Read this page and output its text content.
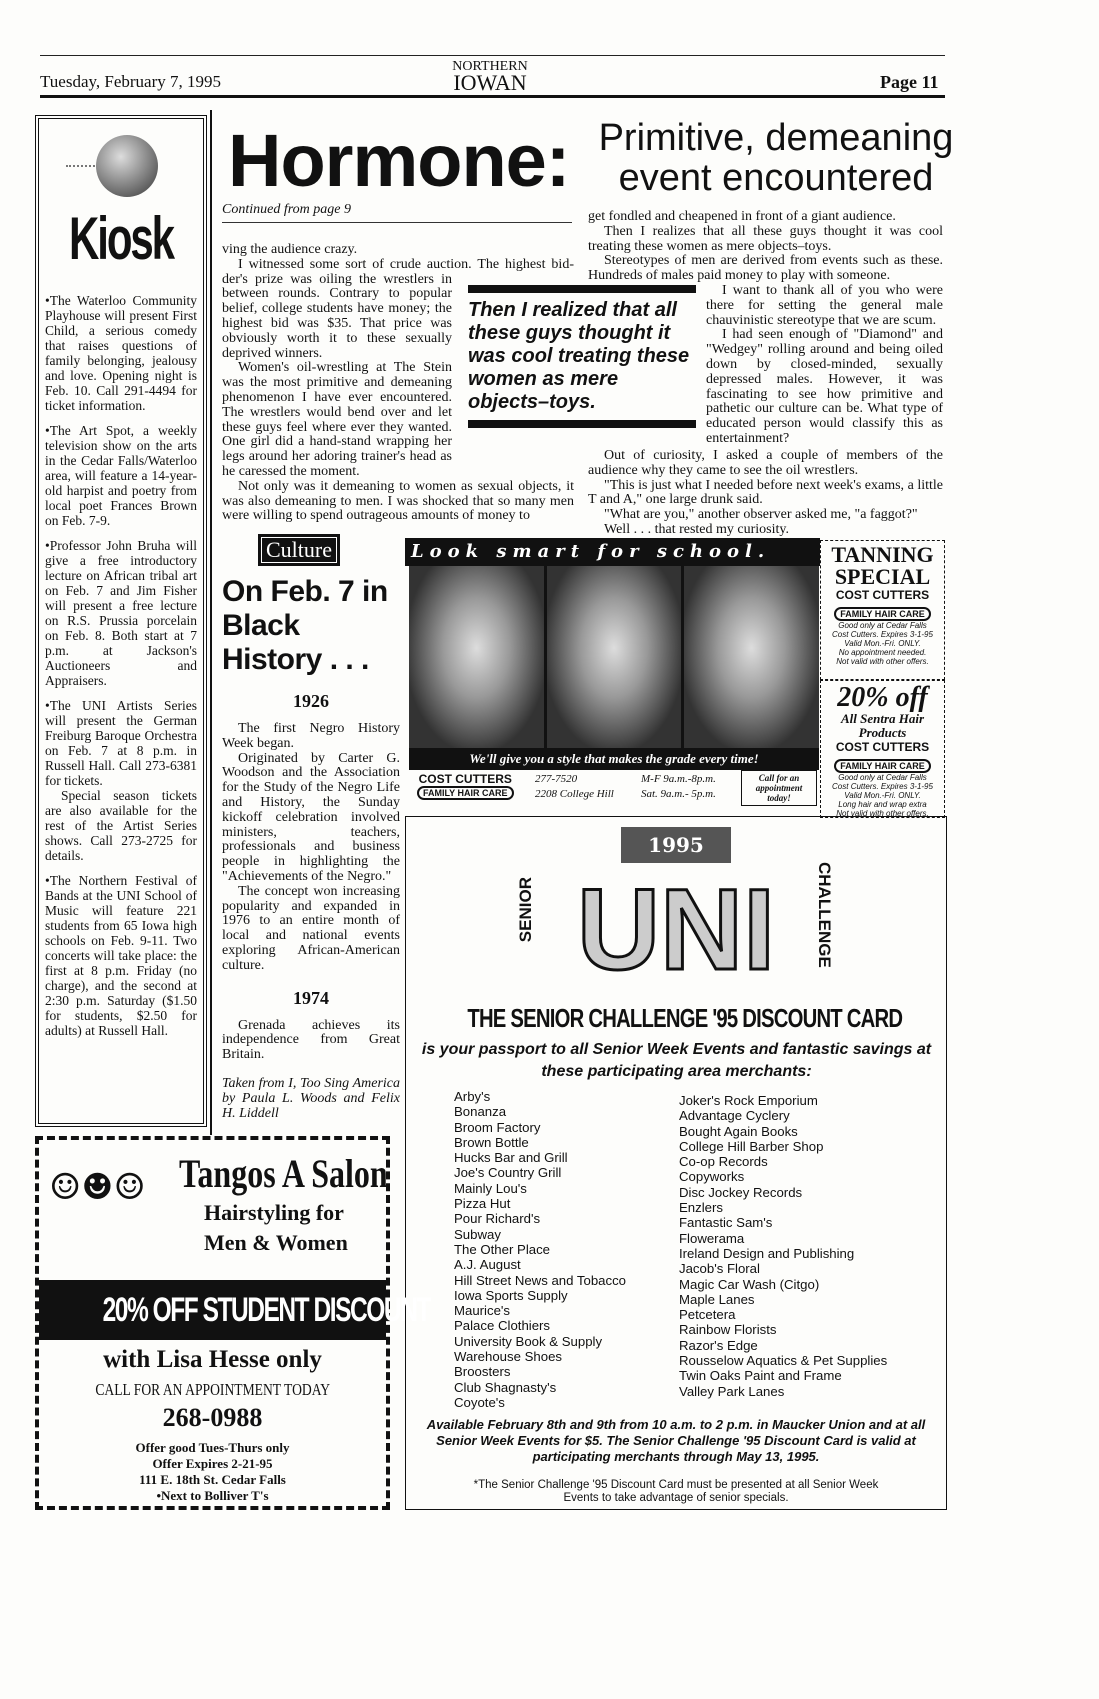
Tuesday, February 7, 1995
NORTHERN
IOWAN	Page 11
Kiosk

•The Waterloo Community Playhouse will present First Child, a serious comedy that raises questions of family belonging, jealousy and love. Opening night is Feb. 10. Call 291-4494 for ticket information.

•The Art Spot, a weekly television show on the arts in the Cedar Falls/Waterloo area, will feature a 14-year-old harpist and poetry from local poet Frances Brown on Feb. 7-9.

•Professor John Bruha will give a free introductory lecture on African tribal art on Feb. 7 and Jim Fisher will present a free lecture on R.S. Prussia porcelain on Feb. 8. Both start at 7 p.m. at Jackson's Auctioneers and Appraisers.

•The UNI Artists Series will present the German Freiburg Baroque Orchestra on Feb. 7 at 8 p.m. in Russell Hall. Call 273-6381 for tickets.

Special season tickets are also available for the rest of the Artist Series shows. Call 273-2725 for details.

•The Northern Festival of Bands at the UNI School of Music will feature 221 students from 65 Iowa high schools on Feb. 9-11. Two concerts will take place: the first at 8 p.m. Friday (no charge), and the second at 2:30 p.m. Saturday ($1.50 for students, $2.50 for adults) at Russell Hall.

Hormone: Primitive, demeaning event encountered
Continued from page 9

ving the audience crazy.

I witnessed some sort of crude auction. The highest bid-der's prize was oiling the wrestlers in between rounds. Contrary to popular belief, college students have money; the highest bid was $35. That price was obviously worth it to these sexually deprived winners.

Women's oil-wrestling at The Stein was the most primitive and demeaning phenomenon I have ever encountered. The wrestlers would bend over and let these guys feel where ever they wanted. One girl did a hand-stand wrapping her legs around her adoring trainer's head as he caressed the moment.

Not only was it demeaning to women as sexual objects, it was also demeaning to men. I was shocked that so many men were willing to spend outrageous amounts of money to

Then I realized that all these guys thought it was cool treating these women as mere objects–toys.

get fondled and cheapened in front of a giant audience.

Then I realizes that all these guys thought it was cool treating these women as mere objects–toys.

Stereotypes of men are derived from events such as these. Hundreds of males paid money to play with someone.

I want to thank all of you who were there for setting the general male chauvinistic stereotype that we are scum.

I had seen enough of "Diamond" and "Wedgey" rolling around and being oiled down by closed-minded, sexually depressed males. However, it was fascinating to see how primitive and pathetic our culture can be. What type of educated person would classify this as entertainment?

Out of curiosity, I asked a couple of members of the audience why they came to see the oil wrestlers.

"This is just what I needed before next week's exams, a little T and A," one large drunk said.

"What are you," another observer asked me, "a faggot?"

Well . . . that rested my curiosity.

Culture
On Feb. 7 in Black History . . .
1926

The first Negro History Week began.

Originated by Carter G. Woodson and the Association for the Study of the Negro Life and History, the Sunday kickoff celebration involved ministers, teachers, professionals and business people in highlighting the "Achievements of the Negro."

The concept won increasing popularity and expanded in 1976 to an entire month of local and national events exploring African-American culture.

1974

Grenada achieves its independence from Great Britain.

Taken from I, Too Sing America by Paula L. Woods and Felix H. Liddell

Look smart for school.
We'll give you a style that makes the grade every time!
COST CUTTERS
FAMILY HAIR CARE
277-7520
2208 College Hill
M-F 9a.m.-8p.m.
Sat. 9a.m.- 5p.m.
Call for an appointment today!
TANNING SPECIAL
COST CUTTERS
FAMILY HAIR CARE
Good only at Cedar Falls
Cost Cutters. Expires 3-1-95
Valid Mon.-Fri. ONLY.
No appointment needed.
Not valid with other offers.
20% off
All Sentra Hair Products
COST CUTTERS
FAMILY HAIR CARE
Good only at Cedar Falls
Cost Cutters. Expires 3-1-95
Valid Mon.-Fri. ONLY.
Long hair and wrap extra
Not valid with other offers.
1995
UNI
SENIOR	CHALLENGE
THE SENIOR CHALLENGE '95 DISCOUNT CARD
is your passport to all Senior Week Events and fantastic savings at these participating area merchants:
Arby's
Bonanza
Broom Factory
Brown Bottle
Hucks Bar and Grill
Joe's Country Grill
Mainly Lou's
Pizza Hut
Pour Richard's
Subway
The Other Place
A.J. August
Hill Street News and Tobacco
Iowa Sports Supply
Maurice's
Palace Clothiers
University Book & Supply
Warehouse Shoes
Broosters
Club Shagnasty's
Coyote's
Joker's Rock Emporium
Advantage Cyclery
Bought Again Books
College Hill Barber Shop
Co-op Records
Copyworks
Disc Jockey Records
Enzlers
Fantastic Sam's
Flowerama
Ireland Design and Publishing
Jacob's Floral
Magic Car Wash (Citgo)
Maple Lanes
Petcetera
Rainbow Florists
Razor's Edge
Rousselow Aquatics & Pet Supplies
Twin Oaks Paint and Frame
Valley Park Lanes
Available February 8th and 9th from 10 a.m. to 2 p.m. in Maucker Union and at all Senior Week Events for $5. The Senior Challenge '95 Discount Card is valid at participating merchants through May 13, 1995.
*The Senior Challenge '95 Discount Card must be presented at all Senior Week Events to take advantage of senior specials.
☺☻☺ Tangos A Salon
Hairstyling for
Men & Women
20% OFF STUDENT DISCOUNT
with Lisa Hesse only
CALL FOR AN APPOINTMENT TODAY
268-0988
Offer good Tues-Thurs only
Offer Expires 2-21-95
111 E. 18th St. Cedar Falls
•Next to Bolliver T's
